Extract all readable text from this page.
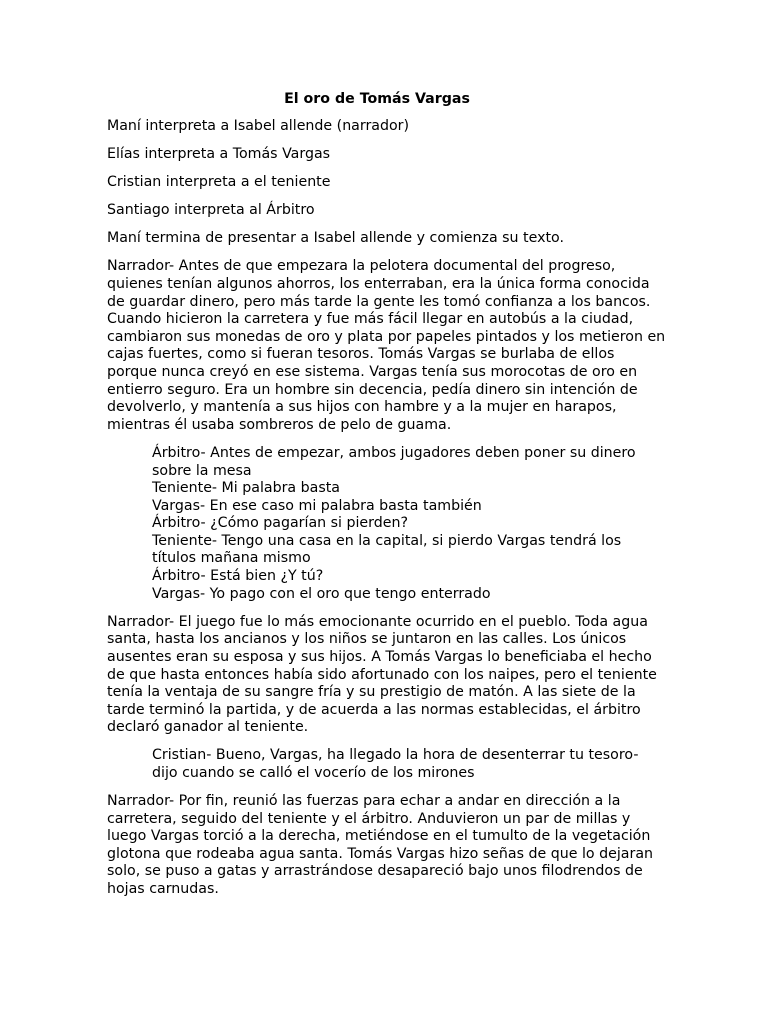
El oro de Tomás Vargas
Maní interpreta a Isabel allende (narrador)
Elías interpreta a Tomás Vargas
Cristian interpreta a el teniente
Santiago interpreta al Árbitro
Maní termina de presentar a Isabel allende y comienza su texto.
Narrador- Antes de que empezara la pelotera documental del progreso, quienes tenían algunos ahorros, los enterraban, era la única forma conocida de guardar dinero, pero más tarde la gente les tomó confianza a los bancos. Cuando hicieron la carretera y fue más fácil llegar en autobús a la ciudad, cambiaron sus monedas de oro y plata por papeles pintados y los metieron en cajas fuertes, como si fueran tesoros. Tomás Vargas se burlaba de ellos porque nunca creyó en ese sistema. Vargas tenía sus morocotas de oro en entierro seguro. Era un hombre sin decencia, pedía dinero sin intención de devolverlo, y mantenía a sus hijos con hambre y a la mujer en harapos, mientras él usaba sombreros de pelo de guama.
Árbitro- Antes de empezar, ambos jugadores deben poner su dinero sobre la mesa
Teniente- Mi palabra basta
Vargas- En ese caso mi palabra basta también
Árbitro- ¿Cómo pagarían si pierden?
Teniente- Tengo una casa en la capital, si pierdo Vargas tendrá los títulos mañana mismo
Árbitro- Está bien ¿Y tú?
Vargas- Yo pago con el oro que tengo enterrado
Narrador- El juego fue lo más emocionante ocurrido en el pueblo. Toda agua santa, hasta los ancianos y los niños se juntaron en las calles. Los únicos ausentes eran su esposa y sus hijos. A Tomás Vargas lo beneficiaba el hecho de que hasta entonces había sido afortunado con los naipes, pero el teniente tenía la ventaja de su sangre fría y su prestigio de matón. A las siete de la tarde terminó la partida, y de acuerda a las normas establecidas, el árbitro declaró ganador al teniente.
Cristian- Bueno, Vargas, ha llegado la hora de desenterrar tu tesoro- dijo cuando se calló el vocerío de los mirones
Narrador- Por fin, reunió las fuerzas para echar a andar en dirección a la carretera, seguido del teniente y el árbitro. Anduvieron un par de millas y luego Vargas torció a la derecha, metiéndose en el tumulto de la vegetación glotona que rodeaba agua santa. Tomás Vargas hizo señas de que lo dejaran solo, se puso a gatas y arrastrándose desapareció bajo unos filodrendos de hojas carnudas.
